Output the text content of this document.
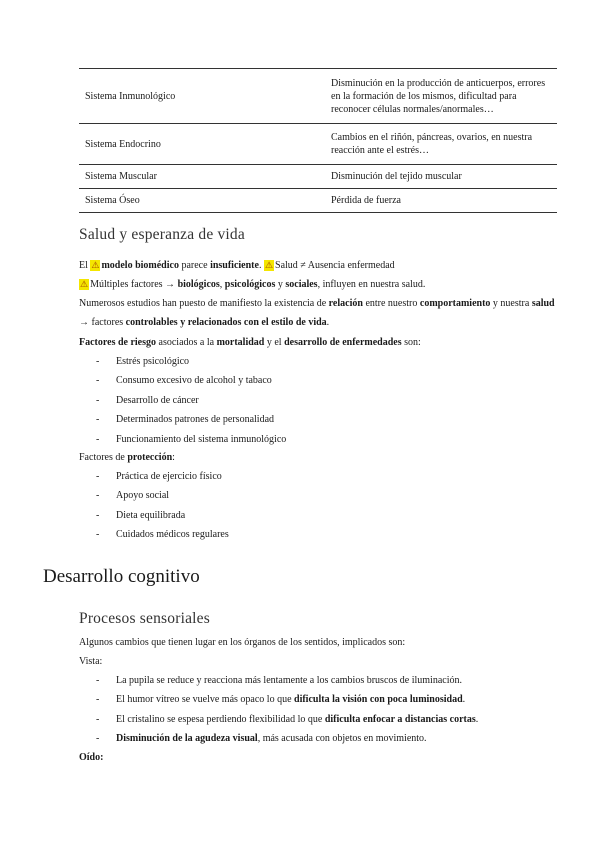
Sistema Inmunológico	Disminución en la producción de anticuerpos, errores en la formación de los mismos, dificultad para reconocer células normales/anormales…
Sistema Endocrino	Cambios en el riñón, páncreas, ovarios, en nuestra reacción ante el estrés…
Sistema Muscular	Disminución del tejido muscular
Sistema Óseo	Pérdida de fuerza
Salud y esperanza de vida

El ⚠ modelo biomédico parece insuficiente. ⚠ Salud ≠ Ausencia enfermedad

⚠ Múltiples factores → biológicos, psicológicos y sociales, influyen en nuestra salud.

Numerosos estudios han puesto de manifiesto la existencia de relación entre nuestro comportamiento y nuestra salud → factores controlables y relacionados con el estilo de vida.

Factores de riesgo asociados a la mortalidad y el desarrollo de enfermedades son:

- Estrés psicológico
- Consumo excesivo de alcohol y tabaco
- Desarrollo de cáncer
- Determinados patrones de personalidad
- Funcionamiento del sistema inmunológico

Factores de protección:

- Práctica de ejercicio físico
- Apoyo social
- Dieta equilibrada
- Cuidados médicos regulares
Desarrollo cognitivo
Procesos sensoriales

Algunos cambios que tienen lugar en los órganos de los sentidos, implicados son:

Vista:

- La pupila se reduce y reacciona más lentamente a los cambios bruscos de iluminación.
- El humor vítreo se vuelve más opaco lo que dificulta la visión con poca luminosidad.
- El cristalino se espesa perdiendo flexibilidad lo que dificulta enfocar a distancias cortas.
- Disminución de la agudeza visual, más acusada con objetos en movimiento.

Oído:
